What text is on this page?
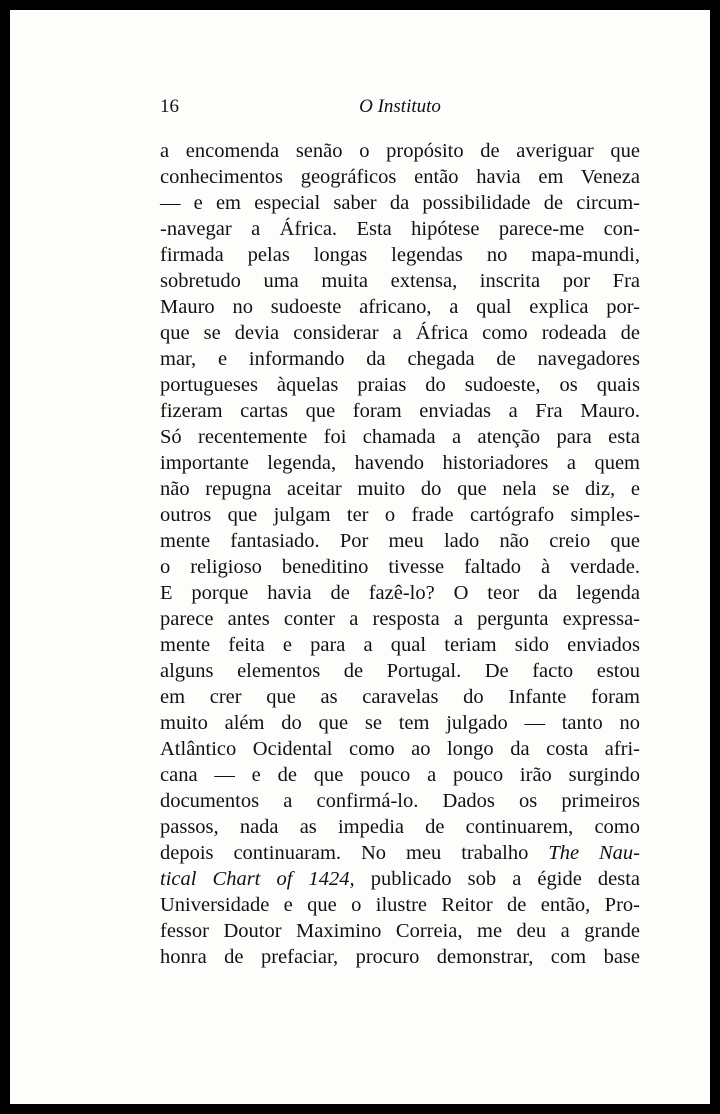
16	O Instituto
a encomenda senão o propósito de averiguar que
conhecimentos geográficos então havia em Veneza
— e em especial saber da possibilidade de circum-
-navegar a África. Esta hipótese parece-me con-
firmada pelas longas legendas no mapa-mundi,
sobretudo uma muita extensa, inscrita por Fra
Mauro no sudoeste africano, a qual explica por-
que se devia considerar a África como rodeada de
mar, e informando da chegada de navegadores
portugueses àquelas praias do sudoeste, os quais
fizeram cartas que foram enviadas a Fra Mauro.
Só recentemente foi chamada a atenção para esta
importante legenda, havendo historiadores a quem
não repugna aceitar muito do que nela se diz, e
outros que julgam ter o frade cartógrafo simples-
mente fantasiado. Por meu lado não creio que
o religioso beneditino tivesse faltado à verdade.
E porque havia de fazê-lo? O teor da legenda
parece antes conter a resposta a pergunta expressa-
mente feita e para a qual teriam sido enviados
alguns elementos de Portugal. De facto estou
em crer que as caravelas do Infante foram
muito além do que se tem julgado — tanto no
Atlântico Ocidental como ao longo da costa afri-
cana — e de que pouco a pouco irão surgindo
documentos a confirmá-lo. Dados os primeiros
passos, nada as impedia de continuarem, como
depois continuaram. No meu trabalho The Nau-
tical Chart of 1424, publicado sob a égide desta
Universidade e que o ilustre Reitor de então, Pro-
fessor Doutor Maximino Correia, me deu a grande
honra de prefaciar, procuro demonstrar, com base
